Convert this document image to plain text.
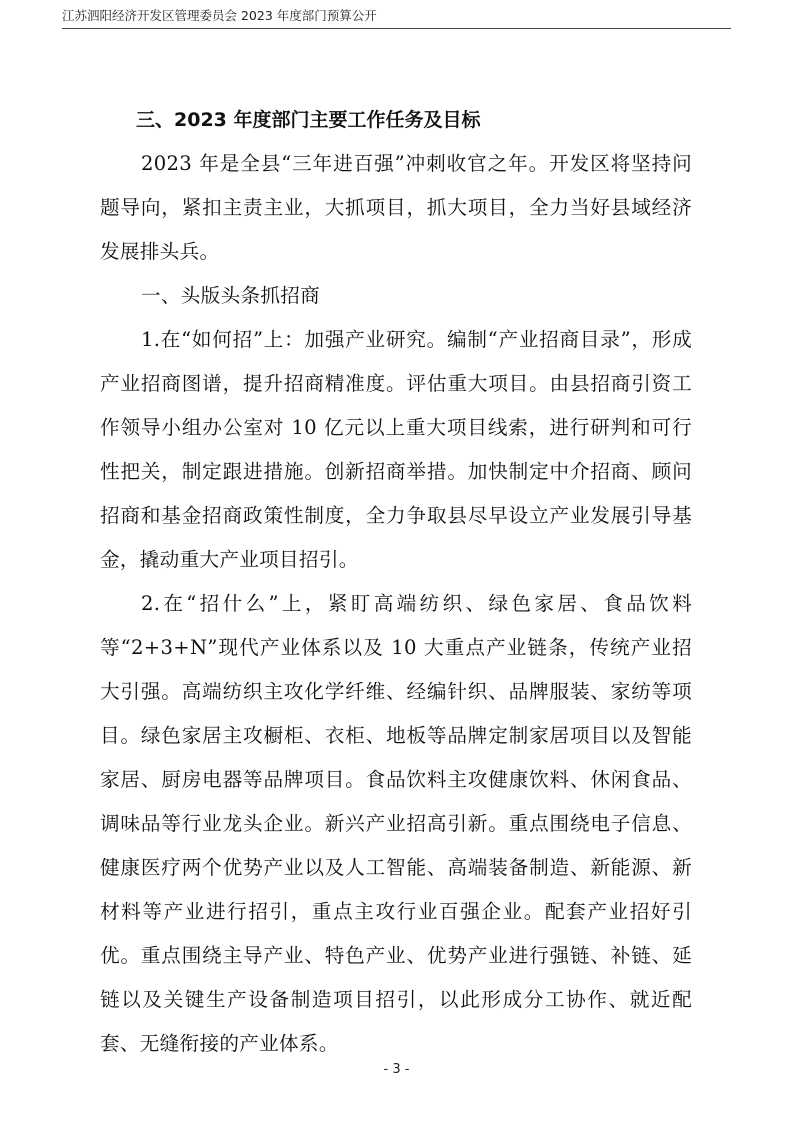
江苏泗阳经济开发区管理委员会 2023 年度部门预算公开
三、2023 年度部门主要工作任务及目标

2023 年是全县“三年进百强”冲刺收官之年。开发区将坚持问题导向，紧扣主责主业，大抓项目，抓大项目，全力当好县域经济发展排头兵。

一、头版头条抓招商

1.在“如何招”上：加强产业研究。编制“产业招商目录”，形成产业招商图谱，提升招商精准度。评估重大项目。由县招商引资工作领导小组办公室对 10 亿元以上重大项目线索，进行研判和可行性把关，制定跟进措施。创新招商举措。加快制定中介招商、顾问招商和基金招商政策性制度，全力争取县尽早设立产业发展引导基金，撬动重大产业项目招引。

2.在“招什么”上，紧盯高端纺织、绿色家居、食品饮料等“2+3+N”现代产业体系以及 10 大重点产业链条，传统产业招大引强。高端纺织主攻化学纤维、经编针织、品牌服装、家纺等项目。绿色家居主攻橱柜、衣柜、地板等品牌定制家居项目以及智能家居、厨房电器等品牌项目。食品饮料主攻健康饮料、休闲食品、调味品等行业龙头企业。新兴产业招高引新。重点围绕电子信息、健康医疗两个优势产业以及人工智能、高端装备制造、新能源、新材料等产业进行招引，重点主攻行业百强企业。配套产业招好引优。重点围绕主导产业、特色产业、优势产业进行强链、补链、延链以及关键生产设备制造项目招引，以此形成分工协作、就近配套、无缝衔接的产业体系。

- 3 -
